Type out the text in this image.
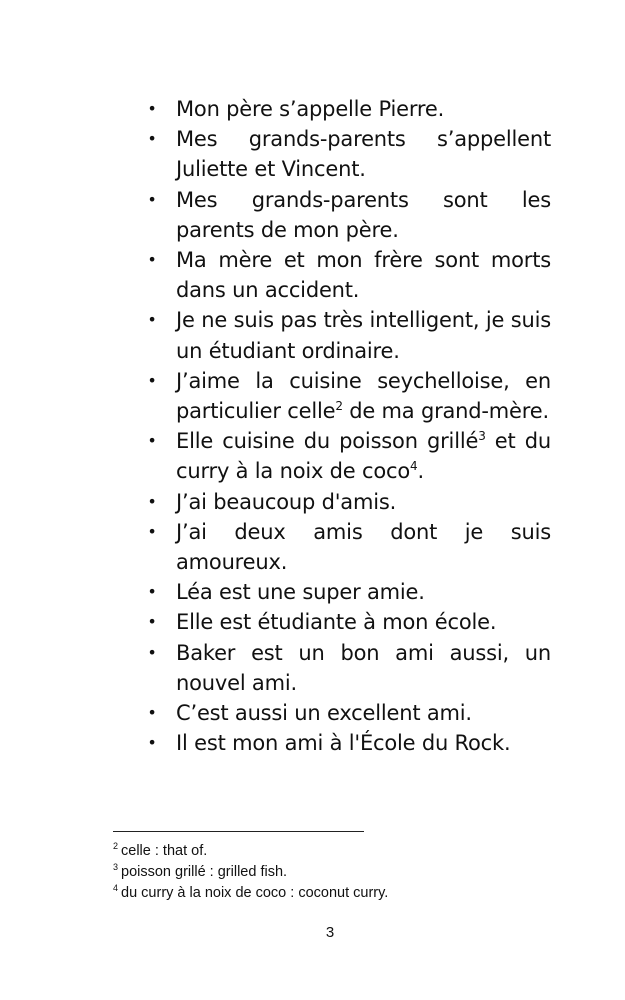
• Mon père s’appelle Pierre.
• Mes grands-parents s’appellent Juliette et Vincent.
• Mes grands-parents sont les parents de mon père.
• Ma mère et mon frère sont morts dans un accident.
• Je ne suis pas très intelligent, je suis un étudiant ordinaire.
• J’aime la cuisine seychelloise, en particulier celle$^2$ de ma grand-mère.
• Elle cuisine du poisson grillé$^3$ et du curry à la noix de coco$^4$.
• J’ai beaucoup d'amis.
• J’ai deux amis dont je suis amoureux.
• Léa est une super amie.
• Elle est étudiante à mon école.
• Baker est un bon ami aussi, un nouvel ami.
• C’est aussi un excellent ami.
• Il est mon ami à l'École du Rock.
$^2$ celle : that of.
$^3$ poisson grillé : grilled fish.
$^4$ du curry à la noix de coco : coconut curry.
3
